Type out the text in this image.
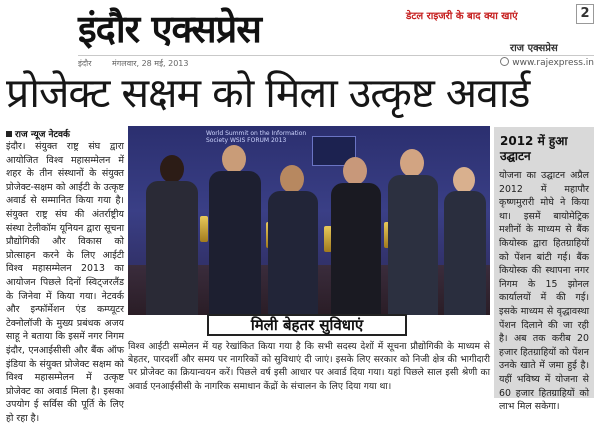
इंदौर एक्सप्रेस	डेटल राइजरी के बाद क्या खाएं	2
राज एक्सप्रेस
इंदौर	मंगलवार, 28 मई, 2013	www.rajexpress.in
प्रोजेक्ट सक्षम को मिला उत्कृष्ट अवार्ड
राज न्यूज नेटवर्क
इंदौर। संयुक्त राष्ट्र संघ द्वारा आयोजित विश्व महासम्मेलन में शहर के तीन संस्थानों के संयुक्त प्रोजेक्ट-सक्षम को आईटी के उत्कृष्ट अवार्ड से सम्मानित किया गया है। संयुक्त राष्ट्र संघ की अंतर्राष्ट्रीय संस्था टेलीकॉम यूनियन द्वारा सूचना प्रौद्योगिकी और विकास को प्रोत्साहन करने के लिए आईटी विश्व महासम्मेलन 2013 का आयोजन पिछले दिनों स्विट्जरलैंड के जिनेवा में किया गया। नेटवर्क और इन्फॉर्मेशन एंड कम्प्यूटर टेक्नोलॉजी के मुख्य प्रबंधक अजय साहू ने बताया कि इसमें नगर निगम इंदौर, एनआईसीसी और बैंक ऑफ इंडिया के संयुक्त प्रोजेक्ट सक्षम को विश्व महासम्मेलन में उत्कृष्ट प्रोजेक्ट का अवार्ड मिला है। इसका उपयोग ई सर्विस की पूर्ति के लिए हो रहा है।
World Summit on the Information Society WSIS FORUM 2013
मिली बेहतर सुविधाएं
विश्व आईटी सम्मेलन में यह रेखांकित किया गया है कि सभी सदस्य देशों में सूचना प्रौद्योगिकी के माध्यम से बेहतर, पारदर्शी और समय पर नागरिकों को सुविधाएं दी जाएं। इसके लिए सरकार को निजी क्षेत्र की भागीदारी पर प्रोजेक्ट का क्रियान्वयन करें। पिछले वर्ष इसी आधार पर अवार्ड दिया गया। यहां पिछले साल इसी श्रेणी का अवार्ड एनआईसीसी के नागरिक समाधान केंद्रों के संचालन के लिए दिया गया था।
2012 में हुआ उद्घाटन
योजना का उद्घाटन अप्रैल 2012 में महापौर कृष्णमुरारी मोघे ने किया था। इसमें बायोमेट्रिक मशीनों के माध्यम से बैंक कियोस्क द्वारा हितग्राहियों को पेंशन बांटी गई। बैंक कियोस्क की स्थापना नगर निगम के 15 झोनल कार्यालयों में की गई। इसके माध्यम से वृद्धावस्था पेंशन दिलाने की जा रही है। अब तक करीब 20 हजार हितग्राहियों को पेंशन उनके खाते में जमा हुई है। यहीं भविष्य में योजना से 60 हजार हितग्राहियों को लाभ मिल सकेगा।
